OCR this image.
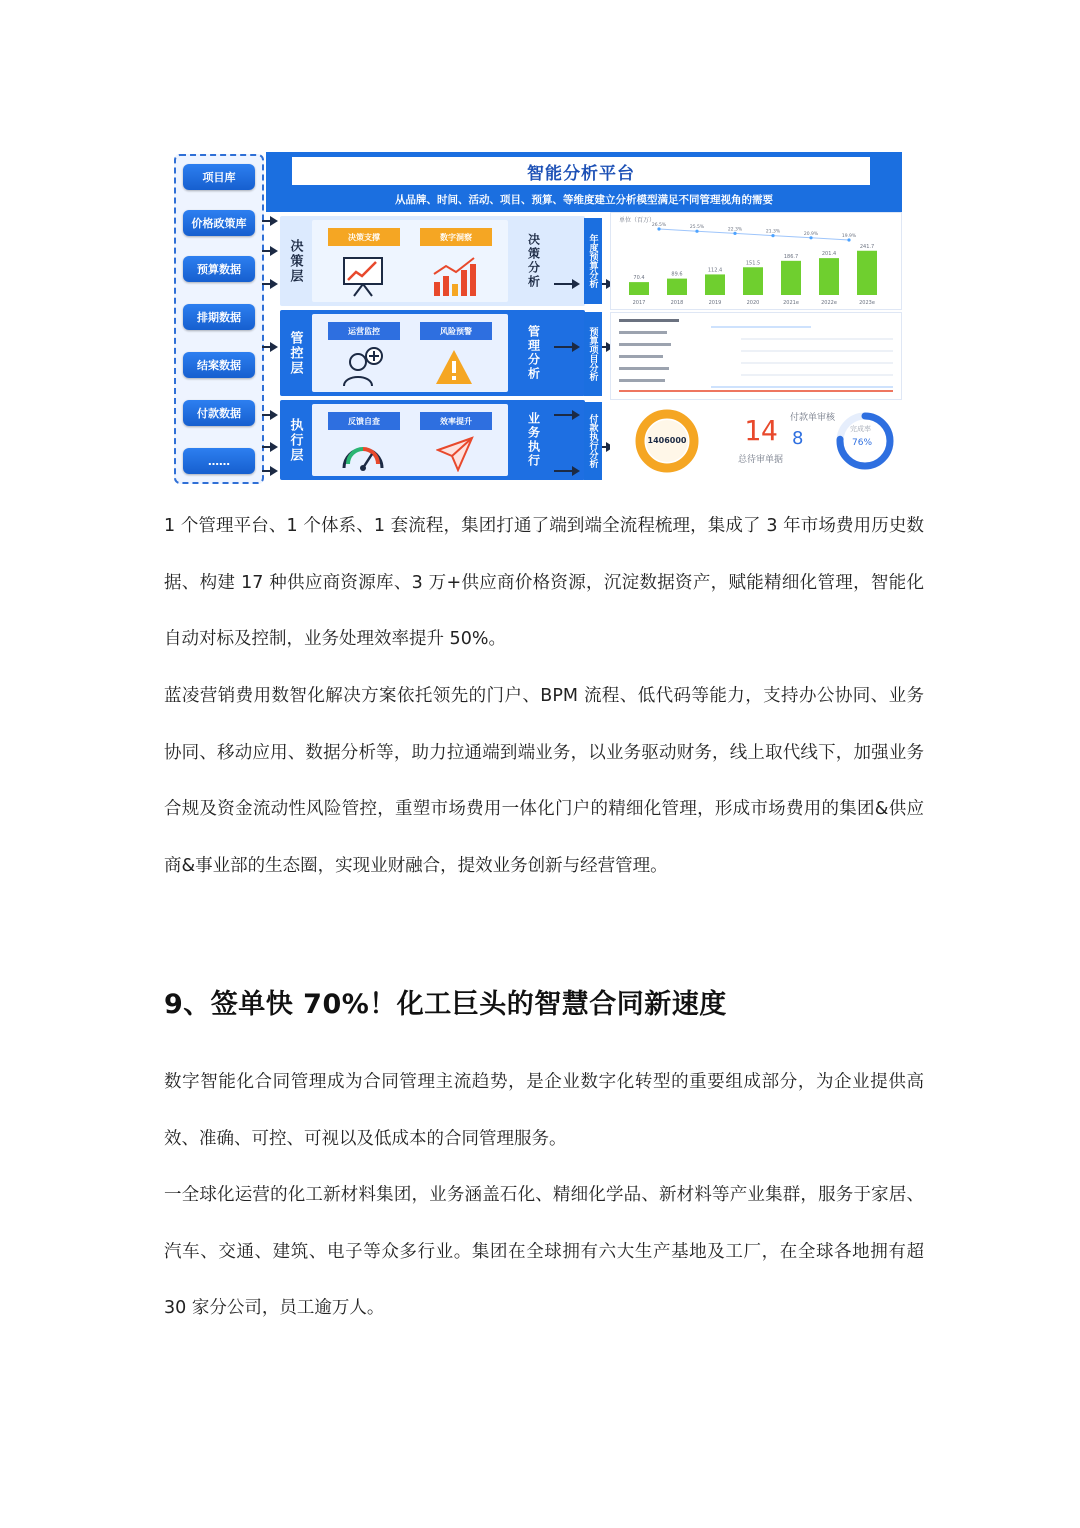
项目库
价格政策库
预算数据
排期数据
结案数据
付款数据
……
智能分析平台
从品牌、时间、活动、项目、预算、等维度建立分析模型满足不同管理视角的需要
决策层
决策支撑	数字洞察	决策分析
管控层	运营监控	风险预警	管理分析
执行层	反馈自查	效率提升	业务执行
年度预算分析
预算项目分析
付款执行分析
单位（百万）
70.4
2017
89.6
2018
112.4
2019
151.5
2020
186.7
2021e
201.4
2022e
241.7
2023e
26.5%	25.5%	22.3%	21.3%	20.9%	19.9%
1406000 14
总待审单据
付款单审核
8	完成率
76%
1 个管理平台、1 个体系、1 套流程，集团打通了端到端全流程梳理，集成了 3 年市场费用历史数据、构建 17 种供应商资源库、3 万+供应商价格资源，沉淀数据资产，赋能精细化管理，智能化自动对标及控制，业务处理效率提升 50%。
蓝凌营销费用数智化解决方案依托领先的门户、BPM 流程、低代码等能力，支持办公协同、业务协同、移动应用、数据分析等，助力拉通端到端业务，以业务驱动财务，线上取代线下，加强业务合规及资金流动性风险管控，重塑市场费用一体化门户的精细化管理，形成市场费用的集团&供应商&事业部的生态圈，实现业财融合，提效业务创新与经营管理。
9、签单快 70%！化工巨头的智慧合同新速度
数字智能化合同管理成为合同管理主流趋势，是企业数字化转型的重要组成部分，为企业提供高效、准确、可控、可视以及低成本的合同管理服务。
一全球化运营的化工新材料集团，业务涵盖石化、精细化学品、新材料等产业集群，服务于家居、汽车、交通、建筑、电子等众多行业。集团在全球拥有六大生产基地及工厂，在全球各地拥有超 30 家分公司，员工逾万人。
